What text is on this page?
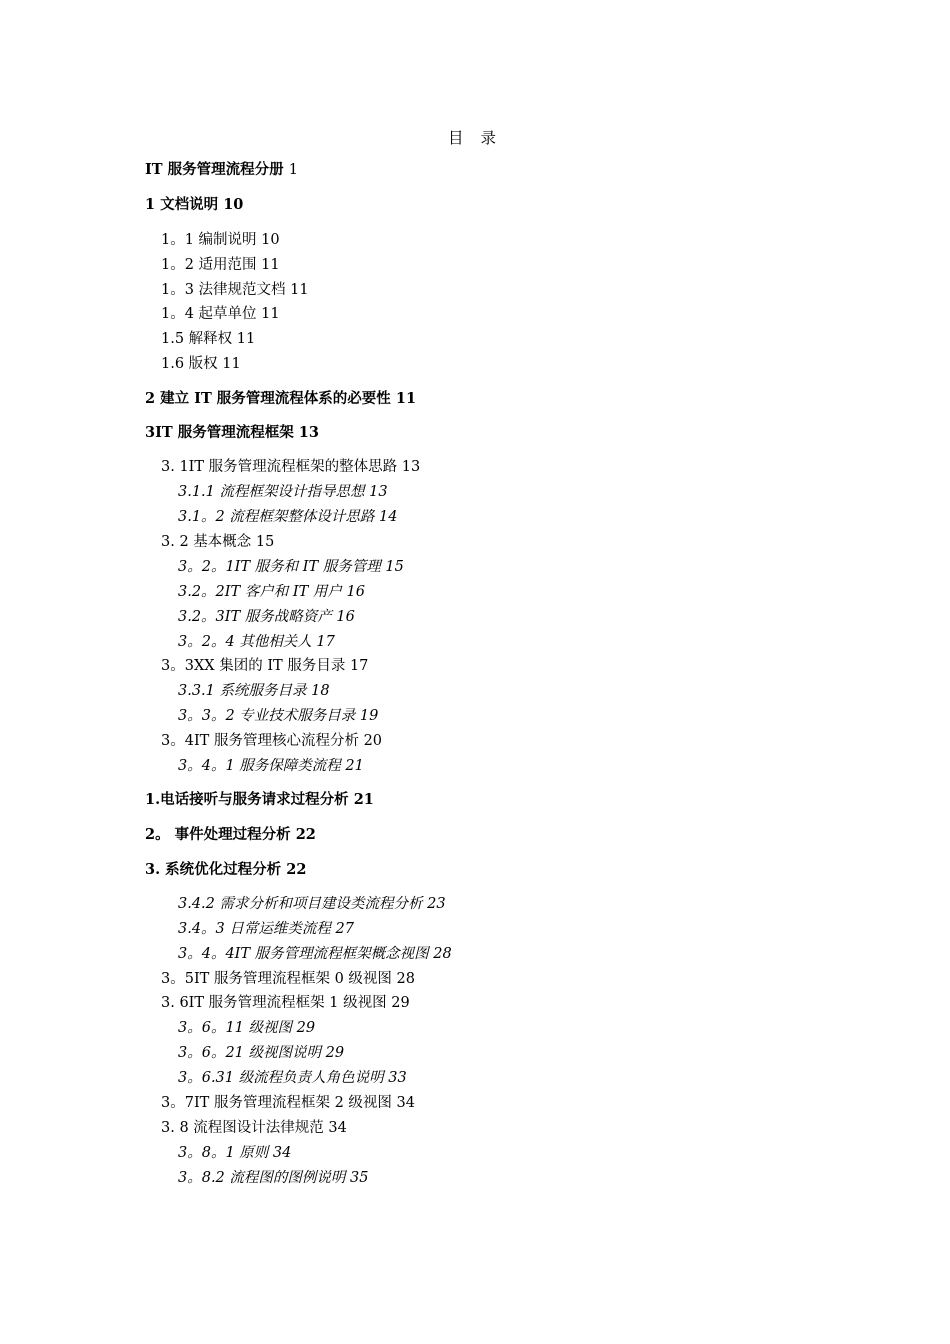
目 录
IT 服务管理流程分册 1
1 文档说明 10
1。1 编制说明 10
1。2 适用范围 11
1。3 法律规范文档 11
1。4 起草单位 11
1.5 解释权 11
1.6 版权 11
2 建立 IT 服务管理流程体系的必要性 11
3IT 服务管理流程框架 13
3. 1IT 服务管理流程框架的整体思路 13
3.1.1 流程框架设计指导思想 13
3.1。2 流程框架整体设计思路 14
3. 2 基本概念 15
3。2。1IT 服务和 IT 服务管理 15
3.2。2IT 客户和 IT 用户 16
3.2。3IT 服务战略资产 16
3。2。4 其他相关人 17
3。3XX 集团的 IT 服务目录 17
3.3.1 系统服务目录 18
3。3。2 专业技术服务目录 19
3。4IT 服务管理核心流程分析 20
3。4。1 服务保障类流程 21
1.电话接听与服务请求过程分析 21
2。 事件处理过程分析 22
3. 系统优化过程分析 22
3.4.2 需求分析和项目建设类流程分析 23
3.4。3 日常运维类流程 27
3。4。4IT 服务管理流程框架概念视图 28
3。5IT 服务管理流程框架 0 级视图 28
3. 6IT 服务管理流程框架 1 级视图 29
3。6。11 级视图 29
3。6。21 级视图说明 29
3。6.31 级流程负责人角色说明 33
3。7IT 服务管理流程框架 2 级视图 34
3. 8 流程图设计法律规范 34
3。8。1 原则 34
3。8.2 流程图的图例说明 35
